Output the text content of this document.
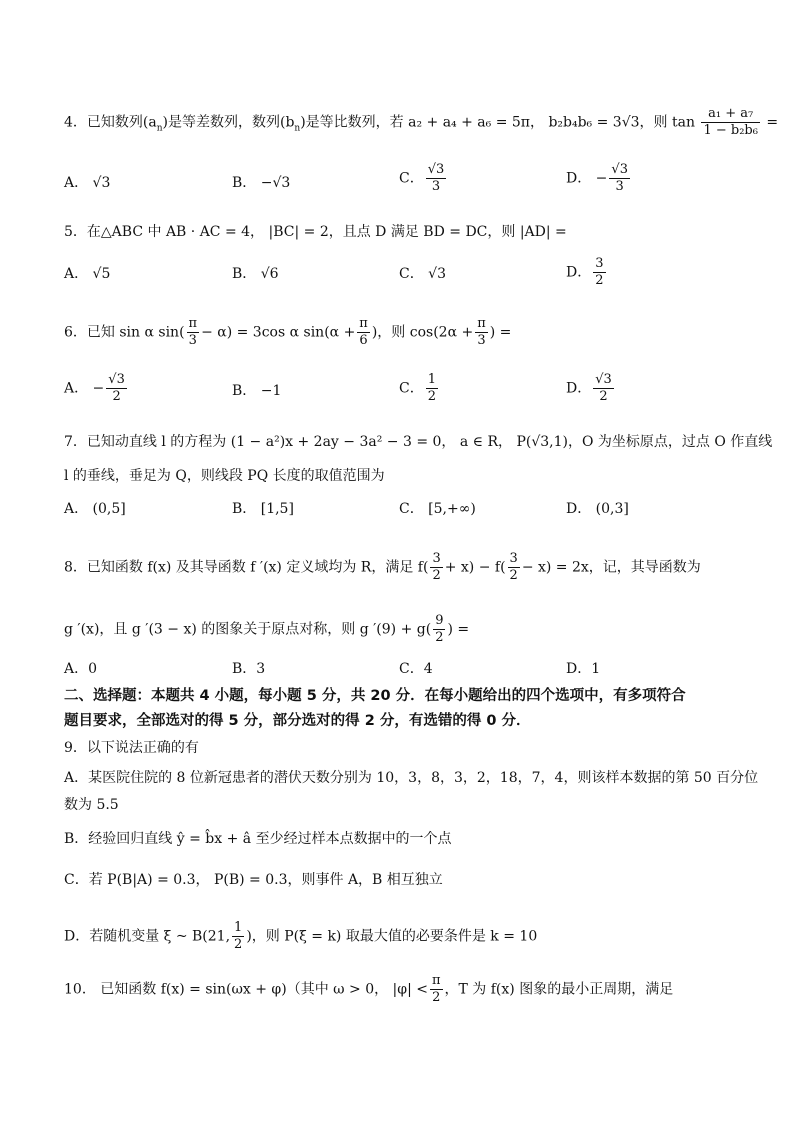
4．已知数列$(a_n)$是等差数列，数列$(b_n)$是等比数列，若 a₂ + a₄ + a₆ = 5π， b₂b₄b₆ = 3√3，则 $\tan \frac{\text{a₁ + a₇}}{\text{1 − b₂b₆}}$ =
A． √3	B． −√3	C． $\frac{√3}{3}$	D． − $\frac{√3}{3}$
5．在△ABC 中 AB · AC = 4， |BC| = 2，且点 D 满足 BD = DC，则 |AD| =
A． √5	B． √6	C． √3	D． $\frac{3}{2}$
6．已知 sin α $\sin( \frac{\pi}{3} - \alpha) = 3\cos$ α $\sin(\alpha + \frac{\pi}{6}$ )，则 $\cos(2\alpha + \frac{\pi}{3}$ ) =
A． − $\frac{√3}{2}$	B． −1	C． $\frac{1}{2}$	D． $\frac{√3}{2}$
7．已知动直线 l 的方程为 (1 − a²)x + 2ay − 3a² − 3 = 0， a ∈ R， P(√3,1)，O 为坐标原点，过点 O 作直线
l 的垂线，垂足为 Q，则线段 PQ 长度的取值范围为
A． (0,5]	B． [1,5]	C． [5,+∞)	D． (0,3]
8．已知函数 f(x) 及其导函数 f ′(x) 定义域均为 R，满足 $f( \frac{3}{2} + x) - f( \frac{3}{2} - x) = 2x$，记，其导函数为
g ′(x)，且 g ′(3 − x) 的图象关于原点对称，则 g $'(9) + g( \frac{9}{2}$ ) =
A．0	B．3	C．4	D．1
二、选择题：本题共 4 小题，每小题 5 分，共 20 分．在每小题给出的四个选项中，有多项符合
题目要求，全部选对的得 5 分，部分选对的得 2 分，有选错的得 0 分．
9．以下说法正确的有
A．某医院住院的 8 位新冠患者的潜伏天数分别为 10，3，8，3，2，18，7，4，则该样本数据的第 50 百分位
数为 5.5
B．经验回归直线 ŷ = b̂x + â 至少经过样本点数据中的一个点
C．若 P(B|A) = 0.3， P(B) = 0.3，则事件 A，B 相互独立
D．若随机变量 ξ ~ B(21, $\frac{1}{2}$ )，则 P(ξ = k) 取最大值的必要条件是 k = 10
10． 已知函数 f(x) = sin(ωx + φ)（其中 ω > 0， $|\varphi| < \frac{\pi}{2}$ ，T 为 f(x) 图象的最小正周期，满足
